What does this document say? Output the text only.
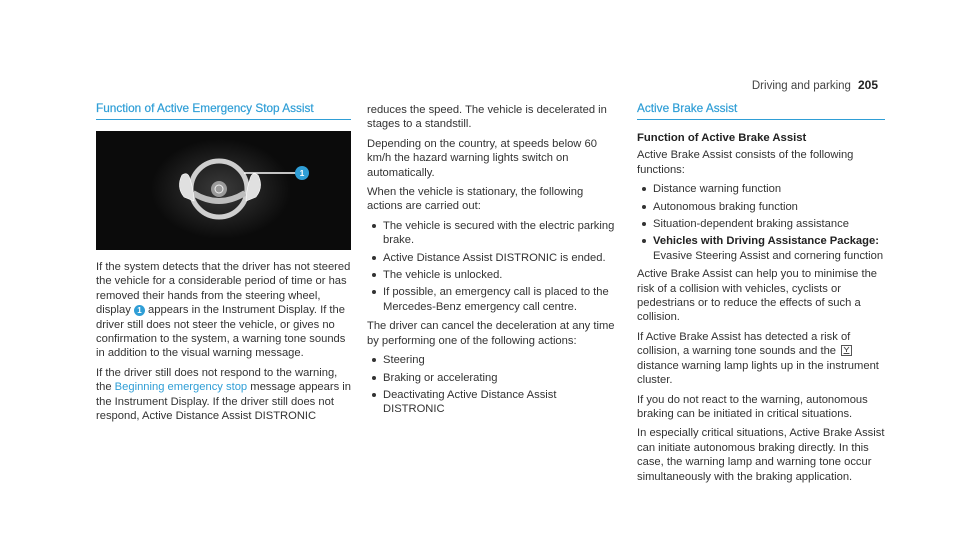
Driving and parking 205
Function of Active Emergency Stop Assist
1

If the system detects that the driver has not steered the vehicle for a considerable period of time or has removed their hands from the steering wheel, display 1 appears in the Instrument Display. If the driver still does not steer the vehicle, or gives no confirmation to the system, a warning tone sounds in addition to the visual warning message.

If the driver still does not respond to the warning, the Beginning emergency stop message appears in the Instrument Display. If the driver still does not respond, Active Distance Assist DISTRONIC

reduces the speed. The vehicle is decelerated in stages to a standstill.

Depending on the country, at speeds below 60 km/h the hazard warning lights switch on automatically.

When the vehicle is stationary, the following actions are carried out:

The vehicle is secured with the electric parking brake.
Active Distance Assist DISTRONIC is ended.
The vehicle is unlocked.
If possible, an emergency call is placed to the Mercedes-Benz emergency call centre.

The driver can cancel the deceleration at any time by performing one of the following actions:

Steering
Braking or accelerating
Deactivating Active Distance Assist DISTRONIC
Active Brake Assist
Function of Active Brake Assist

Active Brake Assist consists of the following functions:

Distance warning function
Autonomous braking function
Situation-dependent braking assistance
Vehicles with Driving Assistance Package: Evasive Steering Assist and cornering function

Active Brake Assist can help you to minimise the risk of a collision with vehicles, cyclists or pedestrians or to reduce the effects of such a collision.

If Active Brake Assist has detected a risk of collision, a warning tone sounds and the
distance warning lamp lights up in the instrument cluster.

If you do not react to the warning, autonomous braking can be initiated in critical situations.

In especially critical situations, Active Brake Assist can initiate autonomous braking directly. In this case, the warning lamp and warning tone occur simultaneously with the braking application.
